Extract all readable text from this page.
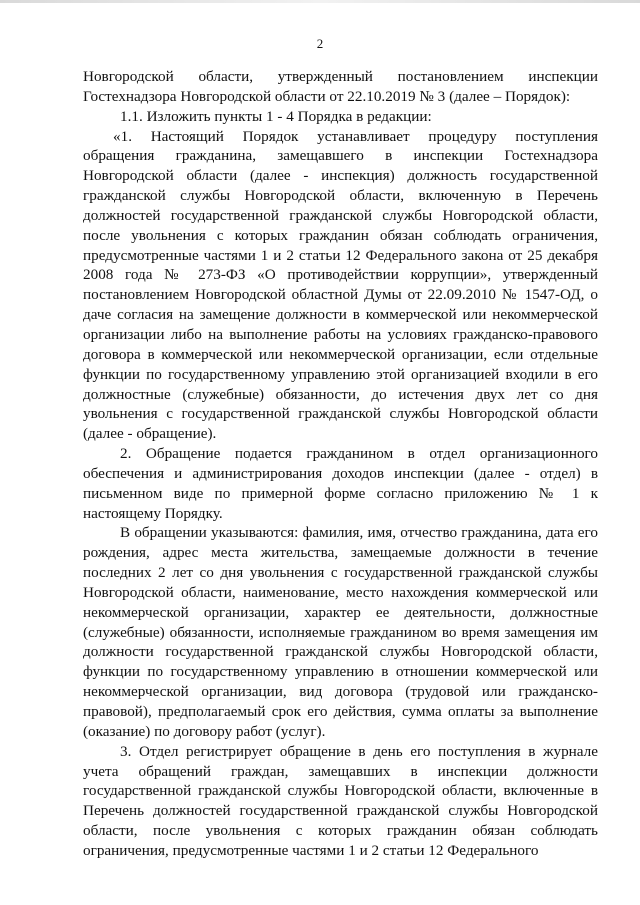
2

Новгородской области, утвержденный постановлением инспекции Гостехнадзора Новгородской области от 22.10.2019 № 3 (далее – Порядок):

1.1. Изложить пункты 1 - 4 Порядка в редакции:

«1. Настоящий Порядок устанавливает процедуру поступления обращения гражданина, замещавшего в инспекции Гостехнадзора Новгородской области (далее - инспекция) должность государственной гражданской службы Новгородской области, включенную в Перечень должностей государственной гражданской службы Новгородской области, после увольнения с которых гражданин обязан соблюдать ограничения, предусмотренные частями 1 и 2 статьи 12 Федерального закона от 25 декабря 2008 года № 273-ФЗ «О противодействии коррупции», утвержденный постановлением Новгородской областной Думы от 22.09.2010 № 1547-ОД, о даче согласия на замещение должности в коммерческой или некоммерческой организации либо на выполнение работы на условиях гражданско-правового договора в коммерческой или некоммерческой организации, если отдельные функции по государственному управлению этой организацией входили в его должностные (служебные) обязанности, до истечения двух лет со дня увольнения с государственной гражданской службы Новгородской области (далее - обращение).

2. Обращение подается гражданином в отдел организационного обеспечения и администрирования доходов инспекции (далее - отдел) в письменном виде по примерной форме согласно приложению № 1 к настоящему Порядку.

В обращении указываются: фамилия, имя, отчество гражданина, дата его рождения, адрес места жительства, замещаемые должности в течение последних 2 лет со дня увольнения с государственной гражданской службы Новгородской области, наименование, место нахождения коммерческой или некоммерческой организации, характер ее деятельности, должностные (служебные) обязанности, исполняемые гражданином во время замещения им должности государственной гражданской службы Новгородской области, функции по государственному управлению в отношении коммерческой или некоммерческой организации, вид договора (трудовой или гражданско-правовой), предполагаемый срок его действия, сумма оплаты за выполнение (оказание) по договору работ (услуг).

3. Отдел регистрирует обращение в день его поступления в журнале учета обращений граждан, замещавших в инспекции должности государственной гражданской службы Новгородской области, включенные в Перечень должностей государственной гражданской службы Новгородской области, после увольнения с которых гражданин обязан соблюдать ограничения, предусмотренные частями 1 и 2 статьи 12 Федерального
